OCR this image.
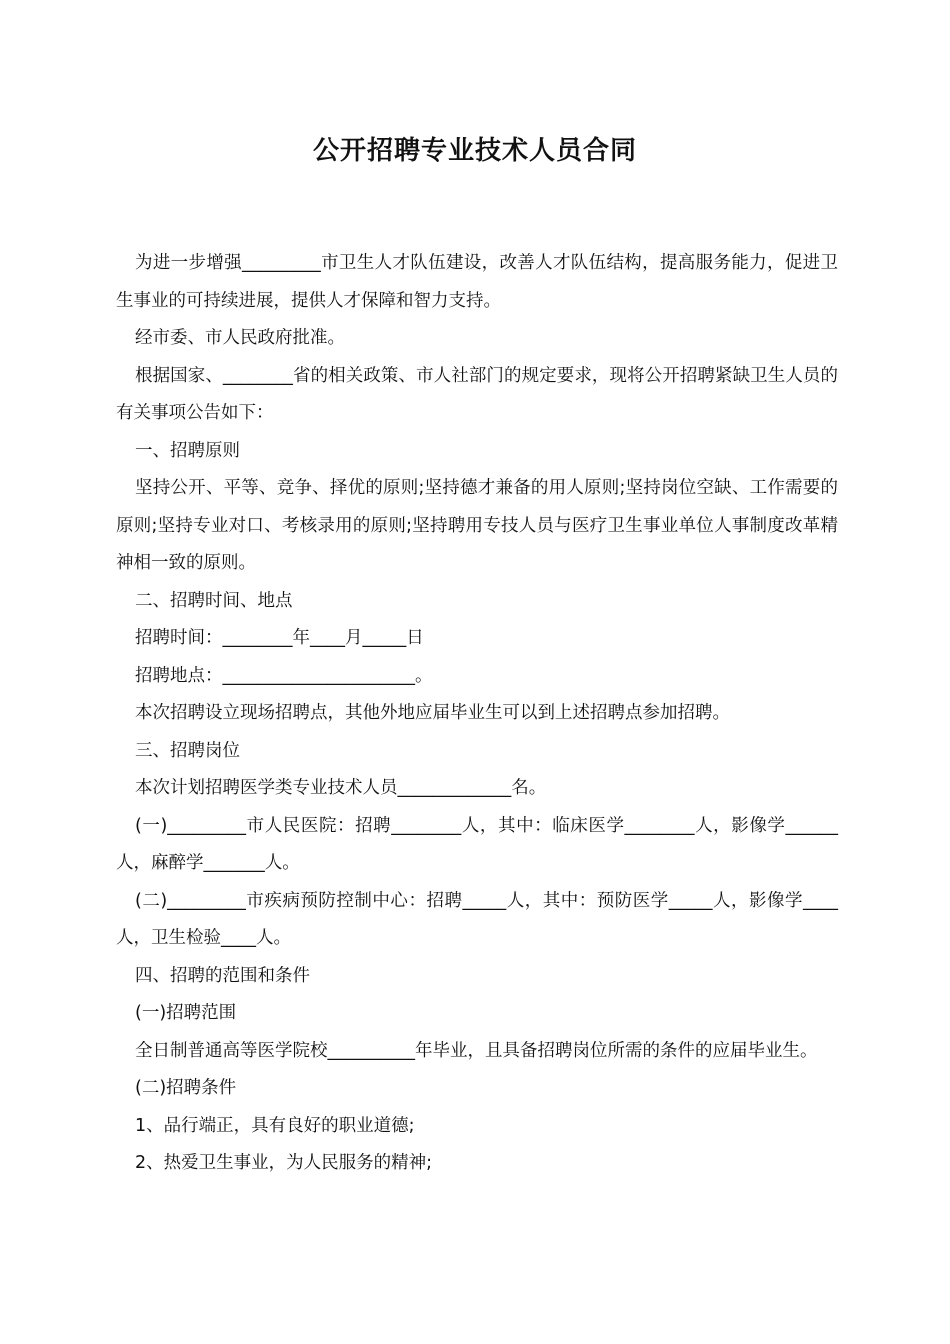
公开招聘专业技术人员合同

为进一步增强_________市卫生人才队伍建设，改善人才队伍结构，提高服务能力，促进卫生事业的可持续进展，提供人才保障和智力支持。

经市委、市人民政府批准。

根据国家、________省的相关政策、市人社部门的规定要求，现将公开招聘紧缺卫生人员的有关事项公告如下：

一、招聘原则

坚持公开、平等、竞争、择优的原则;坚持德才兼备的用人原则;坚持岗位空缺、工作需要的原则;坚持专业对口、考核录用的原则;坚持聘用专技人员与医疗卫生事业单位人事制度改革精神相一致的原则。

二、招聘时间、地点

招聘时间：________年____月_____日

招聘地点：______________________。

本次招聘设立现场招聘点，其他外地应届毕业生可以到上述招聘点参加招聘。

三、招聘岗位

本次计划招聘医学类专业技术人员_____________名。

(一)_________市人民医院：招聘________人，其中：临床医学________人，影像学______人，麻醉学_______人。

(二)_________市疾病预防控制中心：招聘_____人，其中：预防医学_____人，影像学____人，卫生检验____人。

四、招聘的范围和条件

(一)招聘范围

全日制普通高等医学院校__________年毕业，且具备招聘岗位所需的条件的应届毕业生。

(二)招聘条件

1、品行端正，具有良好的职业道德;

2、热爱卫生事业，为人民服务的精神;
